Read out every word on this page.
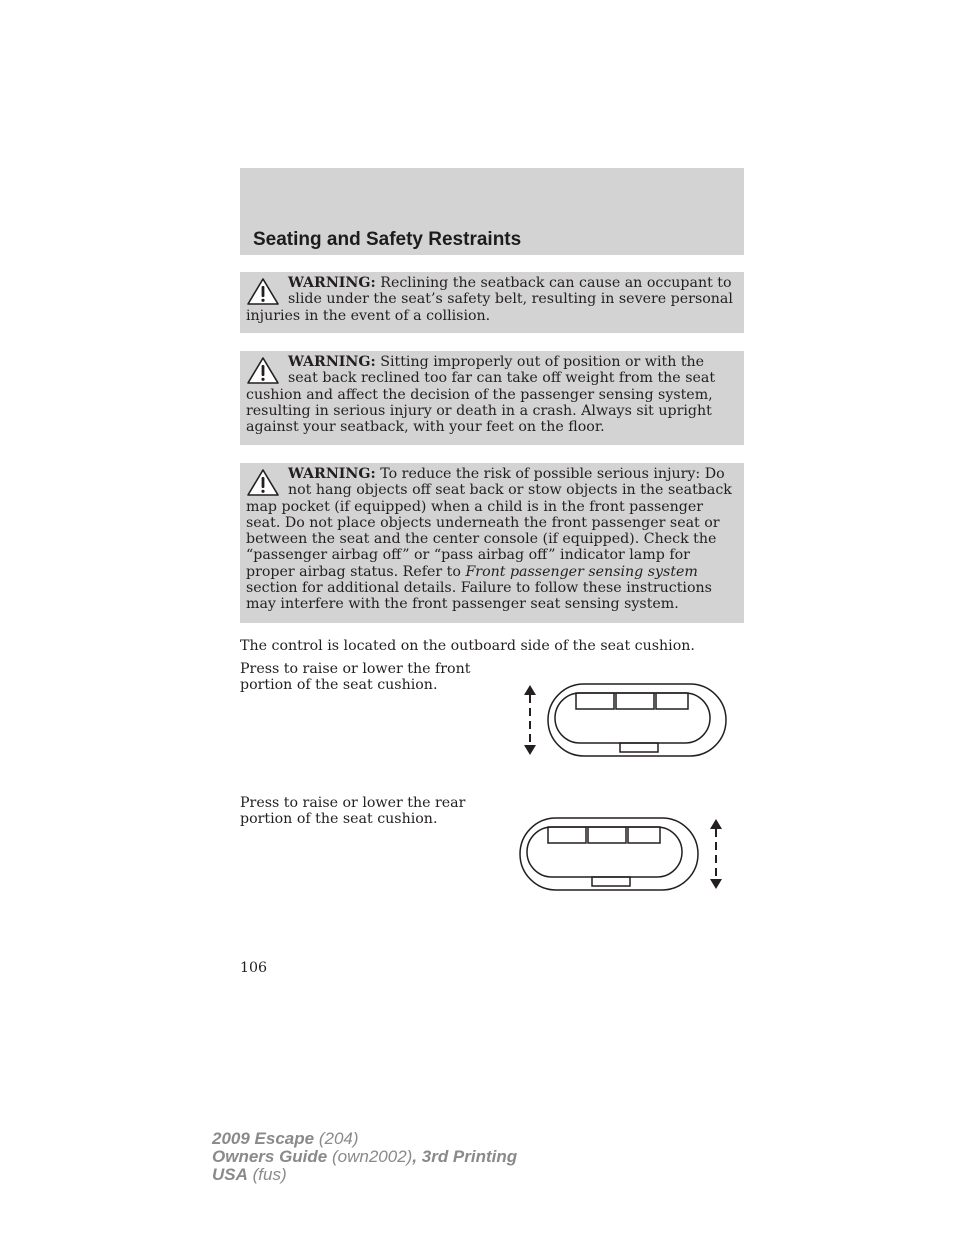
Seating and Safety Restraints
WARNING: Reclining the seatback can cause an occupant to slide under the seat’s safety belt, resulting in severe personal injuries in the event of a collision.
WARNING: Sitting improperly out of position or with the seat back reclined too far can take off weight from the seat cushion and affect the decision of the passenger sensing system, resulting in serious injury or death in a crash. Always sit upright against your seatback, with your feet on the floor.
WARNING: To reduce the risk of possible serious injury: Do not hang objects off seat back or stow objects in the seatback map pocket (if equipped) when a child is in the front passenger seat. Do not place objects underneath the front passenger seat or between the seat and the center console (if equipped). Check the “passenger airbag off” or “pass airbag off” indicator lamp for proper airbag status. Refer to Front passenger sensing system section for additional details. Failure to follow these instructions may interfere with the front passenger seat sensing system.

The control is located on the outboard side of the seat cushion.

Press to raise or lower the front portion of the seat cushion.

Press to raise or lower the rear portion of the seat cushion.

106

2009 Escape (204)
Owners Guide (own2002), 3rd Printing
USA (fus)
